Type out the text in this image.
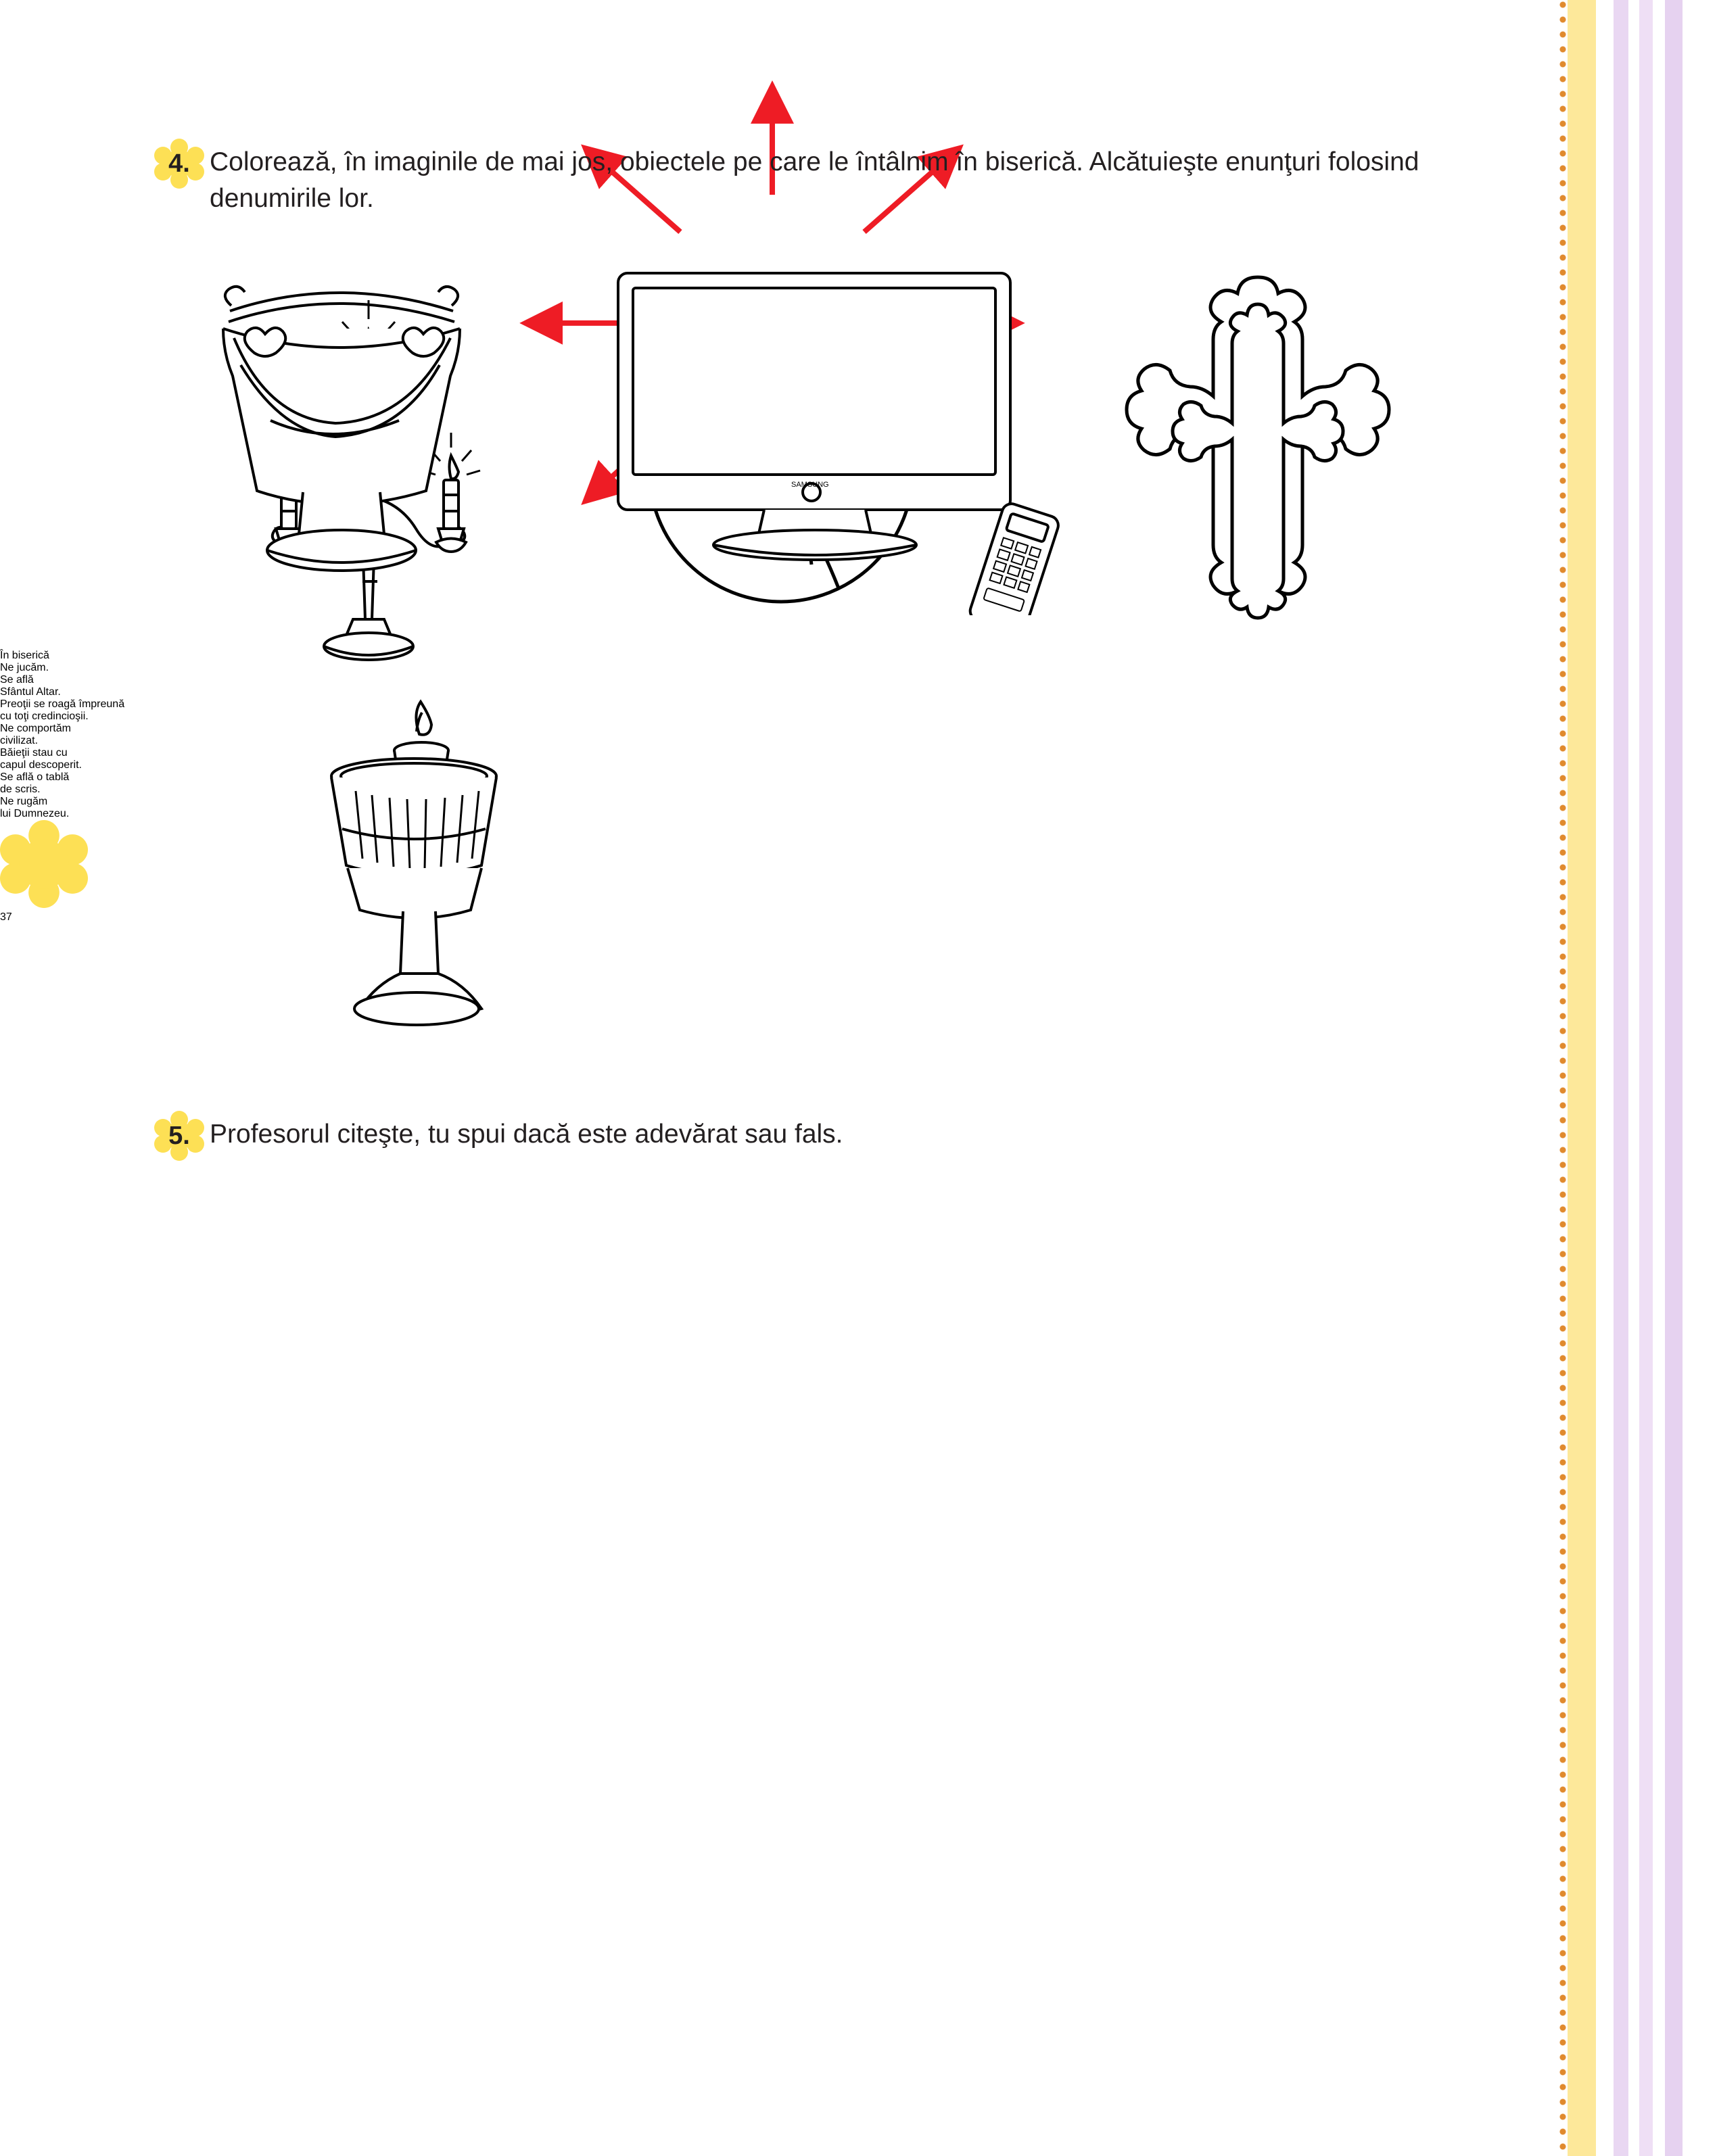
4. Colorează, în imaginile de mai jos, obiectele pe care le întâlnim în biserică. Alcătuieşte enunţuri folosind denumirile lor.
SAMSUNG
5. Profesorul citeşte, tu spui dacă este adevărat sau fals.
În biserică
Ne jucăm.
Se află
Sfântul Altar.
Preoţii se roagă împreună
cu toţi credincioşii.
Ne comportăm
civilizat.
Băieţii stau cu
capul descoperit.
Se află o tablă
de scris.
Ne rugăm
lui Dumnezeu.
37
